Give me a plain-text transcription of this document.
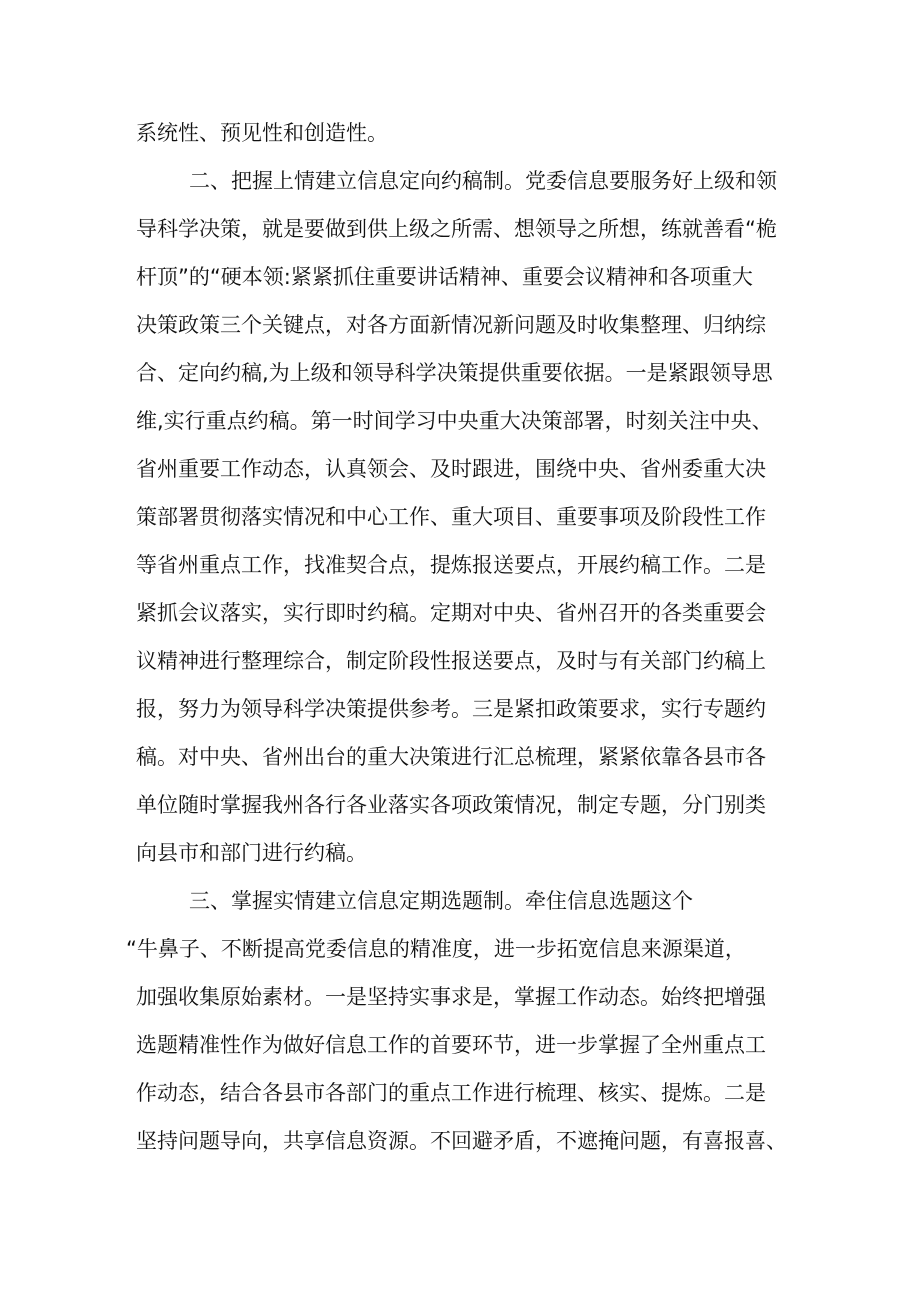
系统性、预见性和创造性。
二、把握上情建立信息定向约稿制。党委信息要服务好上级和领
导科学决策，就是要做到供上级之所需、想领导之所想，练就善看“桅
杆顶”的“硬本领:紧紧抓住重要讲话精神、重要会议精神和各项重大
决策政策三个关键点，对各方面新情况新问题及时收集整理、归纳综
合、定向约稿,为上级和领导科学决策提供重要依据。一是紧跟领导思
维,实行重点约稿。第一时间学习中央重大决策部署，时刻关注中央、
省州重要工作动态，认真领会、及时跟进，围绕中央、省州委重大决
策部署贯彻落实情况和中心工作、重大项目、重要事项及阶段性工作
等省州重点工作，找准契合点，提炼报送要点，开展约稿工作。二是
紧抓会议落实，实行即时约稿。定期对中央、省州召开的各类重要会
议精神进行整理综合，制定阶段性报送要点，及时与有关部门约稿上
报，努力为领导科学决策提供参考。三是紧扣政策要求，实行专题约
稿。对中央、省州出台的重大决策进行汇总梳理，紧紧依靠各县市各
单位随时掌握我州各行各业落实各项政策情况，制定专题，分门别类
向县市和部门进行约稿。
三、掌握实情建立信息定期选题制。牵住信息选题这个
“牛鼻子、不断提高党委信息的精准度，进一步拓宽信息来源渠道，
加强收集原始素材。一是坚持实事求是，掌握工作动态。始终把增强
选题精准性作为做好信息工作的首要环节，进一步掌握了全州重点工
作动态，结合各县市各部门的重点工作进行梳理、核实、提炼。二是
坚持问题导向，共享信息资源。不回避矛盾，不遮掩问题，有喜报喜、
